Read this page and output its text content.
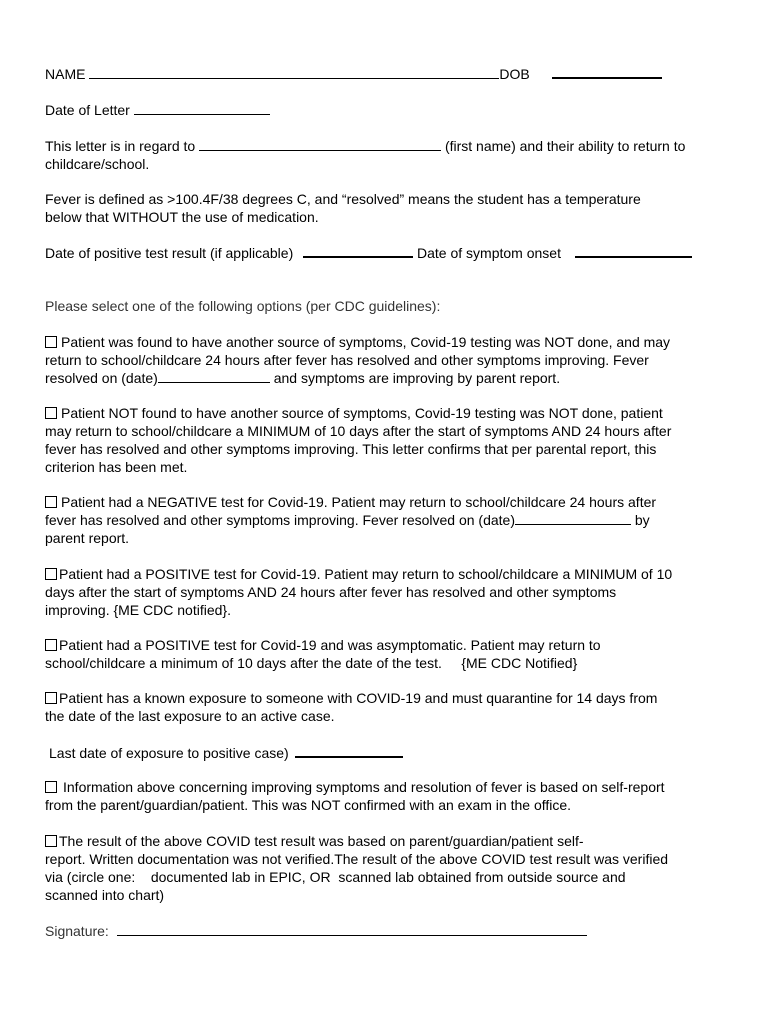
NAME	DOB
Date of Letter
This letter is in regard to	(first name) and their ability to return to
childcare/school.
Fever is defined as >100.4F/38 degrees C, and “resolved” means the student has a temperature
below that WITHOUT the use of medication.
Date of positive test result (if applicable)	Date of symptom onset
Please select one of the following options (per CDC guidelines):
Patient was found to have another source of symptoms, Covid-19 testing was NOT done, and may
return to school/childcare 24 hours after fever has resolved and other symptoms improving. Fever
resolved on (date)	and symptoms are improving by parent report.
Patient NOT found to have another source of symptoms, Covid-19 testing was NOT done, patient
may return to school/childcare a MINIMUM of 10 days after the start of symptoms AND 24 hours after
fever has resolved and other symptoms improving. This letter confirms that per parental report, this
criterion has been met.
Patient had a NEGATIVE test for Covid-19. Patient may return to school/childcare 24 hours after
fever has resolved and other symptoms improving. Fever resolved on (date)	by
parent report.
Patient had a POSITIVE test for Covid-19. Patient may return to school/childcare a MINIMUM of 10
days after the start of symptoms AND 24 hours after fever has resolved and other symptoms
improving. {ME CDC notified}.
Patient had a POSITIVE test for Covid-19 and was asymptomatic. Patient may return to
school/childcare a minimum of 10 days after the date of the test.     {ME CDC Notified}
Patient has a known exposure to someone with COVID-19 and must quarantine for 14 days from
the date of the last exposure to an active case.
Last date of exposure to positive case)
Information above concerning improving symptoms and resolution of fever is based on self-report
from the parent/guardian/patient. This was NOT confirmed with an exam in the office.
The result of the above COVID test result was based on parent/guardian/patient self-
report. Written documentation was not verified.The result of the above COVID test result was verified
via (circle one:    documented lab in EPIC, OR  scanned lab obtained from outside source and
scanned into chart)
Signature:
